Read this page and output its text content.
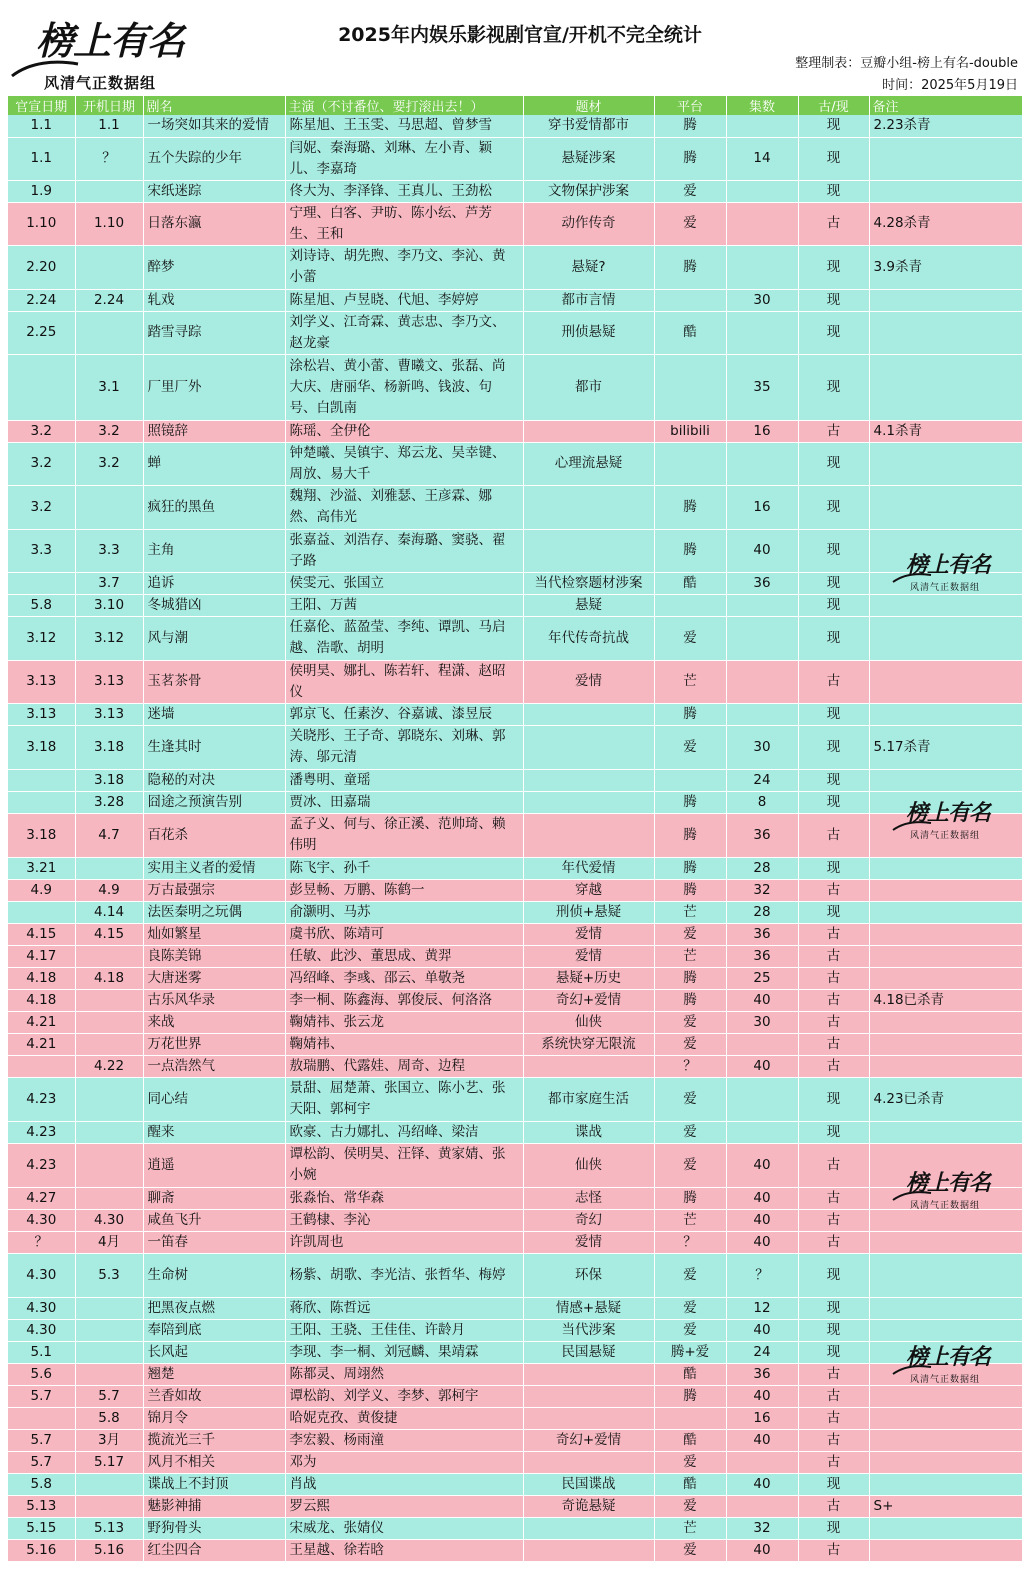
榜上有名
风清气正数据组
2025年内娱乐影视剧官宣/开机不完全统计
整理制表：豆瓣小组-榜上有名-double
时间：2025年5月19日
官宣日期	开机日期	剧名	主演（不讨番位、要打滚出去！）	题材	平台	集数	古/现	备注
1.1	1.1	一场突如其来的爱情	陈星旭、王玉雯、马思超、曾梦雪	穿书爱情都市	腾		现	2.23杀青
1.1	？	五个失踪的少年	闫妮、秦海璐、刘琳、左小青、颖儿、李嘉琦	悬疑涉案	腾	14	现	
1.9		宋纸迷踪	佟大为、李泽锋、王真儿、王劲松	文物保护涉案	爱		现	
1.10	1.10	日落东瀛	宁理、白客、尹昉、陈小纭、芦芳生、王和	动作传奇	爱		古	4.28杀青
2.20		醉梦	刘诗诗、胡先煦、李乃文、李沁、黄小蕾	悬疑?	腾		现	3.9杀青
2.24	2.24	轧戏	陈星旭、卢昱晓、代旭、李婷婷	都市言情		30	现	
2.25		踏雪寻踪	刘学义、江奇霖、黄志忠、李乃文、赵龙豪	刑侦悬疑	酷		现	
	3.1	厂里厂外	涂松岩、黄小蕾、曹曦文、张磊、尚大庆、唐丽华、杨新鸣、钱波、句号、白凯南	都市		35	现	
3.2	3.2	照镜辞	陈瑶、全伊伦		bilibili	16	古	4.1杀青
3.2	3.2	蝉	钟楚曦、吴镇宇、郑云龙、吴幸键、周放、易大千	心理流悬疑			现	
3.2		疯狂的黑鱼	魏翔、沙溢、刘雅瑟、王彦霖、娜然、高伟光		腾	16	现	
3.3	3.3	主角	张嘉益、刘浩存、秦海璐、窦骁、翟子路		腾	40	现	
	3.7	追诉	侯雯元、张国立	当代检察题材涉案	酷	36	现	
5.8	3.10	冬城猎凶	王阳、万茜	悬疑			现	
3.12	3.12	风与潮	任嘉伦、蓝盈莹、李纯、谭凯、马启越、浩歌、胡明	年代传奇抗战	爱		现	
3.13	3.13	玉茗茶骨	侯明昊、娜扎、陈若轩、程潇、赵昭仪	爱情	芒		古	
3.13	3.13	迷墙	郭京飞、任素汐、谷嘉诚、漆昱辰		腾		现	
3.18	3.18	生逢其时	关晓彤、王子奇、郭晓东、刘琳、郭涛、邬元清		爱	30	现	5.17杀青
	3.18	隐秘的对决	潘粤明、童瑶			24	现	
	3.28	囧途之预演告别	贾冰、田嘉瑞		腾	8	现	
3.18	4.7	百花杀	孟子义、何与、徐正溪、范帅琦、赖伟明		腾	36	古	
3.21		实用主义者的爱情	陈飞宇、孙千	年代爱情	腾	28	现	
4.9	4.9	万古最强宗	彭昱畅、万鹏、陈鹤一	穿越	腾	32	古	
	4.14	法医秦明之玩偶	俞灏明、马苏	刑侦+悬疑	芒	28	现	
4.15	4.15	灿如繁星	虞书欣、陈靖可	爱情	爱	36	古	
4.17		良陈美锦	任敏、此沙、董思成、黄羿	爱情	芒	36	古	
4.18	4.18	大唐迷雾	冯绍峰、李彧、邵云、单敬尧	悬疑+历史	腾	25	古	
4.18		古乐风华录	李一桐、陈鑫海、郭俊辰、何洛洛	奇幻+爱情	腾	40	古	4.18已杀青
4.21		来战	鞠婧祎、张云龙	仙侠	爱	30	古	
4.21		万花世界	鞠婧祎、	系统快穿无限流	爱		古	
	4.22	一点浩然气	敖瑞鹏、代露娃、周奇、边程		？	40	古	
4.23		同心结	景甜、屈楚萧、张国立、陈小艺、张天阳、郭柯宇	都市家庭生活	爱		现	4.23已杀青
4.23		醒来	欧豪、古力娜扎、冯绍峰、梁洁	谍战	爱		现	
4.23		逍遥	谭松韵、侯明昊、汪铎、黄家婧、张小婉	仙侠	爱	40	古	
4.27		聊斋	张淼怡、常华森	志怪	腾	40	古	
4.30	4.30	咸鱼飞升	王鹤棣、李沁	奇幻	芒	40	古	
？	4月	一笛春	许凯周也	爱情	？	40	古	
4.30	5.3	生命树	杨紫、胡歌、李光洁、张哲华、梅婷	环保	爱	？	现	
4.30		把黑夜点燃	蒋欣、陈哲远	情感+悬疑	爱	12	现	
4.30		奉陪到底	王阳、王骁、王佳佳、许龄月	当代涉案	爱	40	现	
5.1		长风起	李现、李一桐、刘冠麟、果靖霖	民国悬疑	腾+爱	24	现	
5.6		翘楚	陈都灵、周翊然		酷	36	古	
5.7	5.7	兰香如故	谭松韵、刘学义、李梦、郭柯宇		腾	40	古	
	5.8	锦月令	哈妮克孜、黄俊捷			16	古	
5.7	3月	揽流光三千	李宏毅、杨雨潼	奇幻+爱情	酷	40	古	
5.7	5.17	风月不相关	邓为		爱		古	
5.8		谍战上不封顶	肖战	民国谍战	酷	40	现	
5.13		魅影神捕	罗云熙	奇诡悬疑	爱		古	S+
5.15	5.13	野狗骨头	宋威龙、张婧仪		芒	32	现	
5.16	5.16	红尘四合	王星越、徐若晗		爱	40	古	
榜上有名
风清气正数据组
榜上有名
风清气正数据组
榜上有名
风清气正数据组
榜上有名
风清气正数据组
